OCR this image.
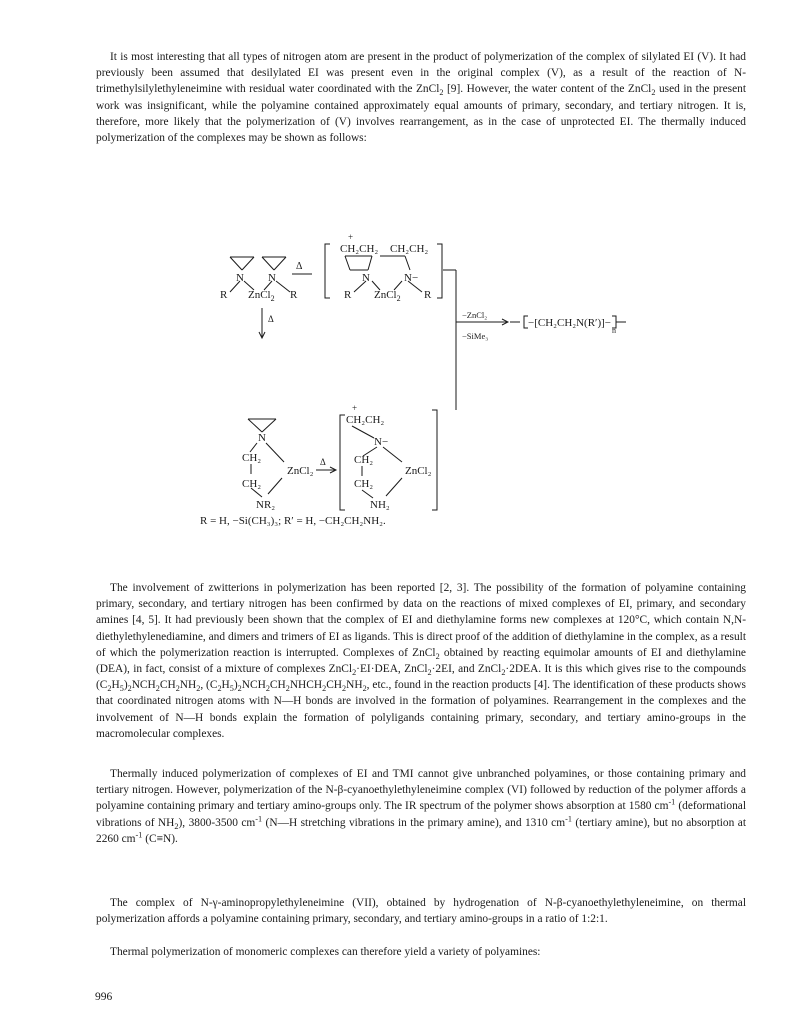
It is most interesting that all types of nitrogen atom are present in the product of polymerization of the complex of silylated EI (V). It had previously been assumed that desilylated EI was present even in the original complex (V), as a result of the reaction of N-trimethylsilylethyleneimine with residual water coordinated with the ZnCl$_2$ [9]. However, the water content of the ZnCl$_2$ used in the present work was insignificant, while the polyamine contained approximately equal amounts of primary, secondary, and tertiary nitrogen. It is, therefore, more likely that the polymerization of (V) involves rearrangement, as in the case of unprotected EI. The thermally induced polymerization of the complexes may be shown as follows:

R
N N
ZnCl$_2$ R
Δ
+
CH₂CH₂ CH₂CH₂
N	N−
R ZnCl$_2$ R
−ZnCl₂
−SiMe₃
−[CH₂CH₂N(R′)]−
n
Δ
N
CH₂
ZnCl₂
CH₂
NR₂
Δ
+
CH₂CH₂
N−
CH₂
ZnCl₂
CH₂
NH₂
R = H, −Si(CH₃)₃; R′ = H, −CH₂CH₂NH₂.

The involvement of zwitterions in polymerization has been reported [2, 3]. The possibility of the formation of polyamine containing primary, secondary, and tertiary nitrogen has been confirmed by data on the reactions of mixed complexes of EI, primary, and secondary amines [4, 5]. It had previously been shown that the complex of EI and diethylamine forms new complexes at 120°C, which contain N,N-diethylethylenediamine, and dimers and trimers of EI as ligands. This is direct proof of the addition of diethylamine in the complex, as a result of which the polymerization reaction is interrupted. Complexes of ZnCl$_2$ obtained by reacting equimolar amounts of EI and diethylamine (DEA), in fact, consist of a mixture of complexes ZnCl$_2$·EI·DEA, ZnCl$_2$·2EI, and ZnCl$_2$·2DEA. It is this which gives rise to the compounds $(C_2H_5)_2NCH_2CH_2NH_2$, $(C_2H_5)_2NCH_2CH_2NHCH_2CH_2NH_2$, etc., found in the reaction products [4]. The identification of these products shows that coordinated nitrogen atoms with N—H bonds are involved in the formation of polyamines. Rearrangement in the complexes and the involvement of N—H bonds explain the formation of polyligands containing primary, secondary, and tertiary amino-groups in the macromolecular complexes.

Thermally induced polymerization of complexes of EI and TMI cannot give unbranched polyamines, or those containing primary and tertiary nitrogen. However, polymerization of the N-β-cyanoethylethyleneimine complex (VI) followed by reduction of the polymer affords a polyamine containing primary and tertiary amino-groups only. The IR spectrum of the polymer shows absorption at 1580 $cm^{-1}$ (deformational vibrations of $NH_2$), 3800-3500 $cm^{-1}$ (N—H stretching vibrations in the primary amine), and 1310 $cm^{-1}$ (tertiary amine), but no absorption at 2260 $cm^{-1}$ (C≡N).

The complex of N-γ-aminopropylethyleneimine (VII), obtained by hydrogenation of N-β-cyanoethylethyleneimine, on thermal polymerization affords a polyamine containing primary, secondary, and tertiary amino-groups in a ratio of 1:2:1.

Thermal polymerization of monomeric complexes can therefore yield a variety of polyamines:

996
